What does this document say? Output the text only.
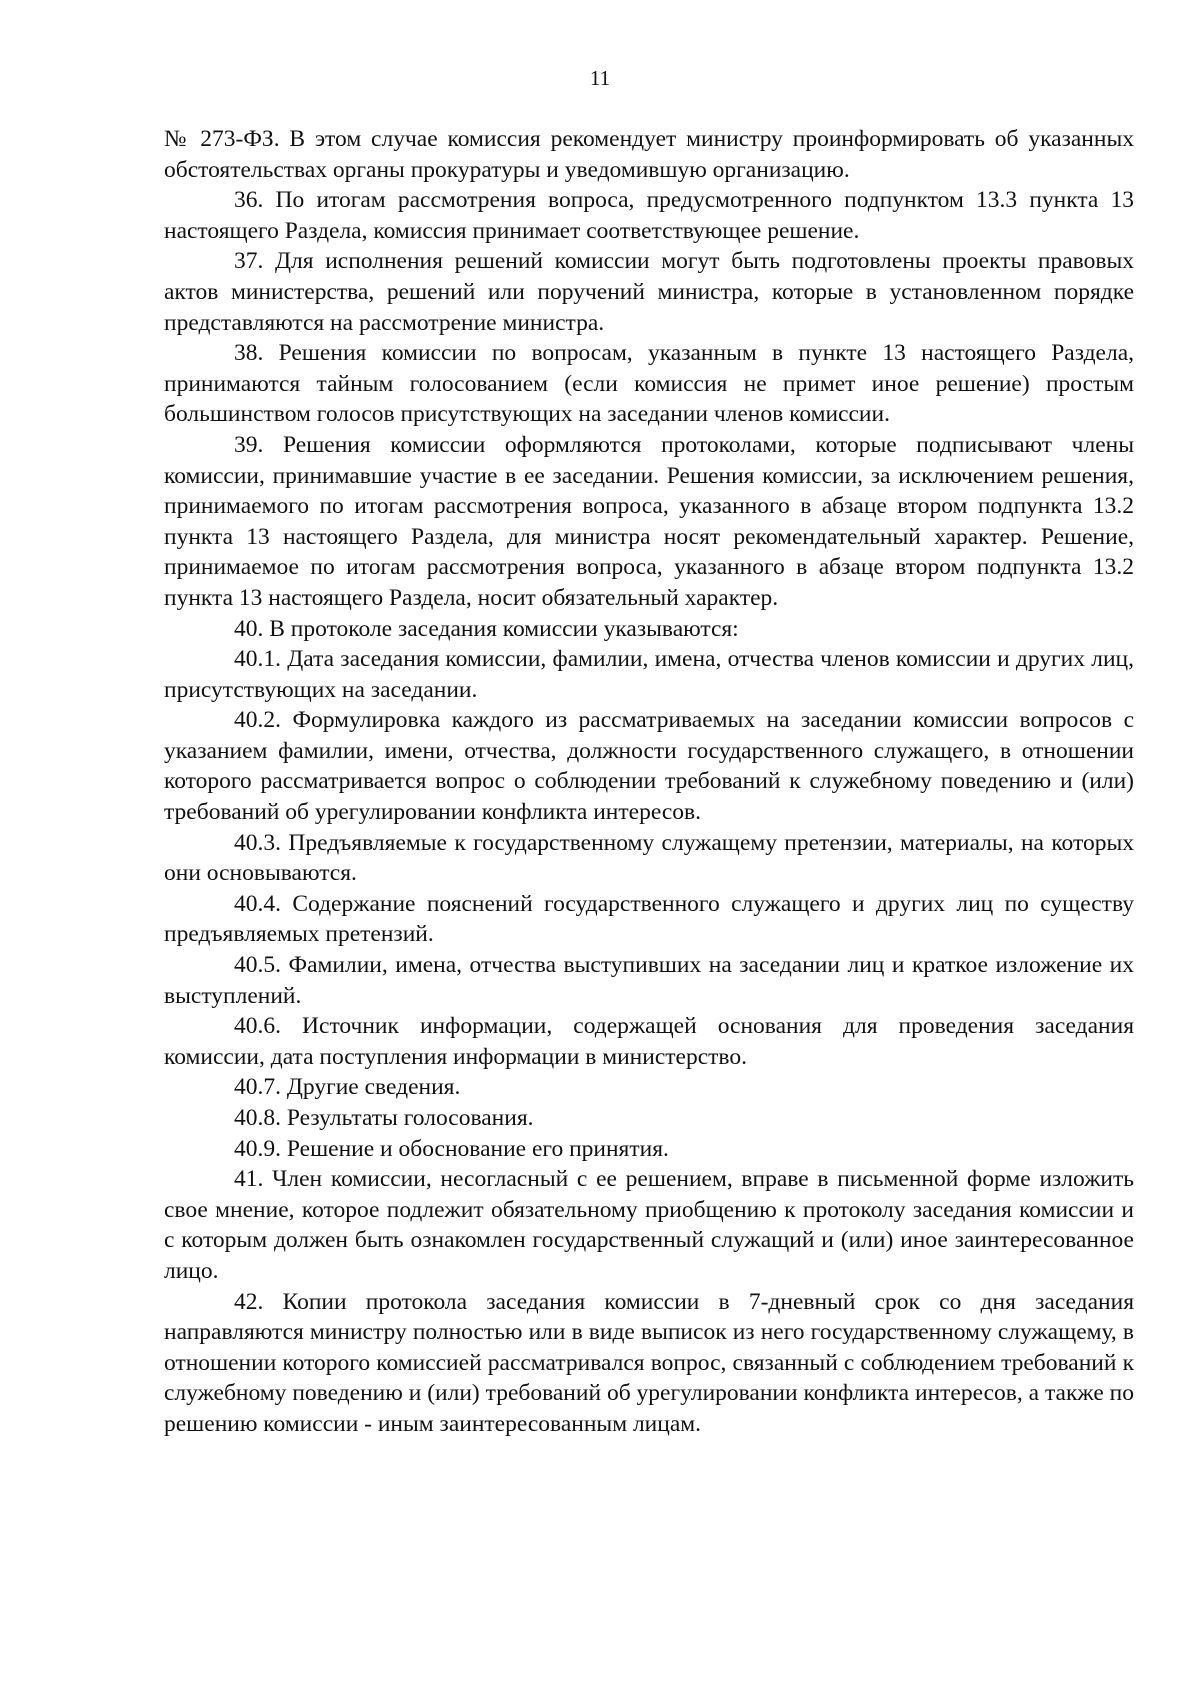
11

№ 273-ФЗ. В этом случае комиссия рекомендует министру проинформировать об указанных обстоятельствах органы прокуратуры и уведомившую организацию.

36. По итогам рассмотрения вопроса, предусмотренного подпунктом 13.3 пункта 13 настоящего Раздела, комиссия принимает соответствующее решение.

37. Для исполнения решений комиссии могут быть подготовлены проекты правовых актов министерства, решений или поручений министра, которые в установленном порядке представляются на рассмотрение министра.

38. Решения комиссии по вопросам, указанным в пункте 13 настоящего Раздела, принимаются тайным голосованием (если комиссия не примет иное решение) простым большинством голосов присутствующих на заседании членов комиссии.

39. Решения комиссии оформляются протоколами, которые подписывают члены комиссии, принимавшие участие в ее заседании. Решения комиссии, за исключением решения, принимаемого по итогам рассмотрения вопроса, указанного в абзаце втором подпункта 13.2 пункта 13 настоящего Раздела, для министра носят рекомендательный характер. Решение, принимаемое по итогам рассмотрения вопроса, указанного в абзаце втором подпункта 13.2 пункта 13 настоящего Раздела, носит обязательный характер.

40. В протоколе заседания комиссии указываются:

40.1. Дата заседания комиссии, фамилии, имена, отчества членов комиссии и других лиц, присутствующих на заседании.

40.2. Формулировка каждого из рассматриваемых на заседании комиссии вопросов с указанием фамилии, имени, отчества, должности государственного служащего, в отношении которого рассматривается вопрос о соблюдении требований к служебному поведению и (или) требований об урегулировании конфликта интересов.

40.3. Предъявляемые к государственному служащему претензии, материалы, на которых они основываются.

40.4. Содержание пояснений государственного служащего и других лиц по существу предъявляемых претензий.

40.5. Фамилии, имена, отчества выступивших на заседании лиц и краткое изложение их выступлений.

40.6. Источник информации, содержащей основания для проведения заседания комиссии, дата поступления информации в министерство.

40.7. Другие сведения.

40.8. Результаты голосования.

40.9. Решение и обоснование его принятия.

41. Член комиссии, несогласный с ее решением, вправе в письменной форме изложить свое мнение, которое подлежит обязательному приобщению к протоколу заседания комиссии и с которым должен быть ознакомлен государственный служащий и (или) иное заинтересованное лицо.

42. Копии протокола заседания комиссии в 7-дневный срок со дня заседания направляются министру полностью или в виде выписок из него государственному служащему, в отношении которого комиссией рассматривался вопрос, связанный с соблюдением требований к служебному поведению и (или) требований об урегулировании конфликта интересов, а также по решению комиссии - иным заинтересованным лицам.
